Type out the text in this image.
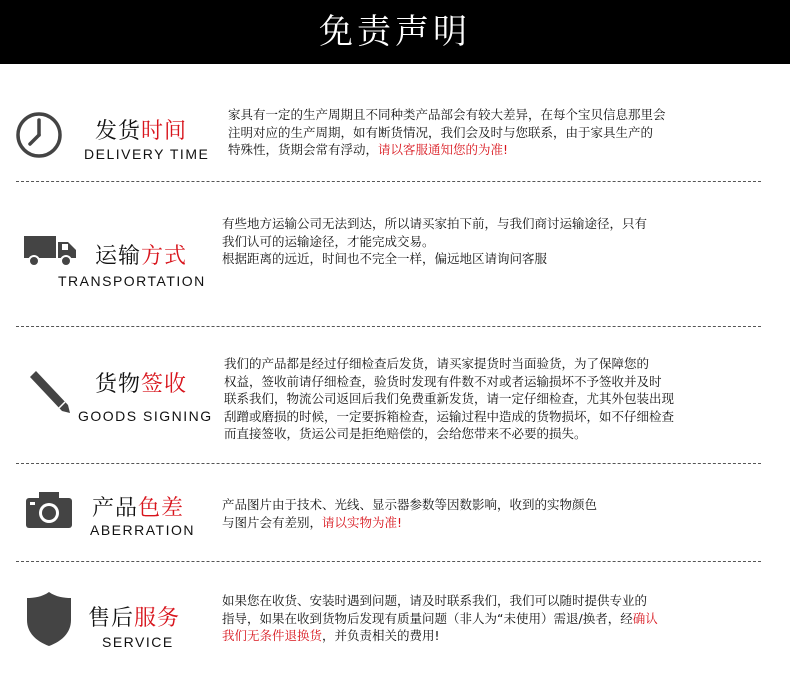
免责声明
发货时间
DELIVERY TIME
家具有一定的生产周期且不同种类产品部会有较大差异，在每个宝贝信息那里会
注明对应的生产周期，如有断货情况，我们会及时与您联系，由于家具生产的
特殊性，货期会常有浮动，请以客服通知您的为准!
运输方式
TRANSPORTATION
有些地方运输公司无法到达，所以请买家拍下前，与我们商讨运输途径，只有
我们认可的运输途径，才能完成交易。
根据距离的远近，时间也不完全一样，偏远地区请询问客服
货物签收
GOODS SIGNING
我们的产品都是经过仔细检查后发货，请买家提货时当面验货，为了保障您的
权益，签收前请仔细检查，验货时发现有件数不对或者运输损坏不予签收并及时
联系我们，物流公司返回后我们免费重新发货，请一定仔细检查，尤其外包装出现
刮蹭或磨损的时候，一定要拆箱检查，运输过程中造成的货物损坏，如不仔细检查
而直接签收，货运公司是拒绝赔偿的，会给您带来不必要的损失。
产品色差
ABERRATION
产品图片由于技术、光线、显示器参数等因数影响，收到的实物颜色
与图片会有差别，请以实物为准!
售后服务
SERVICE
如果您在收货、安装时遇到问题，请及时联系我们，我们可以随时提供专业的
指导，如果在收到货物后发现有质量问题（非人为“未使用）需退/换者，经确认
我们无条件退换货，并负责相关的费用!
